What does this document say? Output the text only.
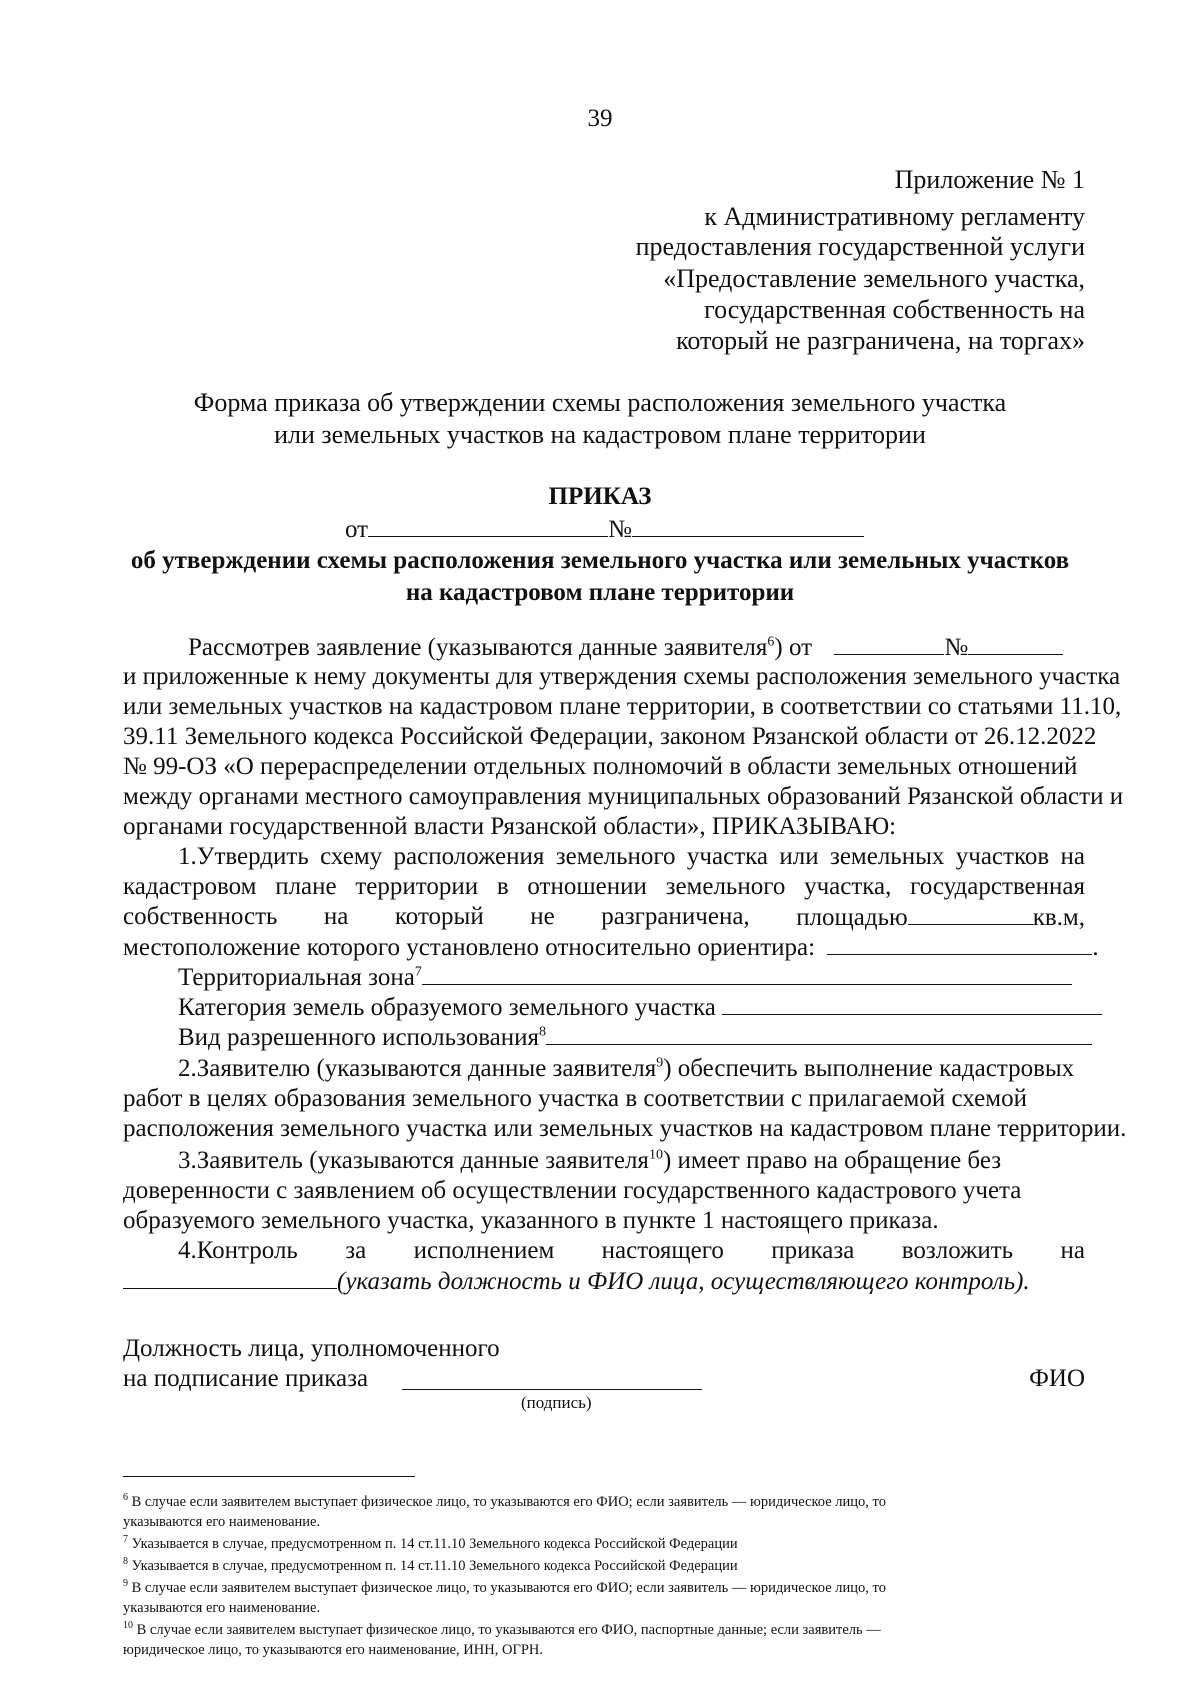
39
Приложение № 1
к Административному регламенту
предоставления государственной услуги
«Предоставление земельного участка,
государственная собственность на
который не разграничена, на торгах»
Форма приказа об утверждении схемы расположения земельного участка
или земельных участков на кадастровом плане территории
ПРИКАЗ
от	№
об утверждении схемы расположения земельного участка или земельных участков
на кадастровом плане территории
Рассмотрев заявление (указываются данные заявителя$^6$) от	№
и приложенные к нему документы для утверждения схемы расположения земельного участка
или земельных участков на кадастровом плане территории, в соответствии со статьями 11.10,
39.11 Земельного кодекса Российской Федерации, законом Рязанской области от 26.12.2022
№ 99-ОЗ «О перераспределении отдельных полномочий в области земельных отношений
между органами местного самоуправления муниципальных образований Рязанской области и
органами государственной власти Рязанской области», ПРИКАЗЫВАЮ:
1.Утвердить схему расположения земельного участка или земельных участков на
кадастровом плане территории в отношении земельного участка, государственная
собственность на который не разграничена, площадью	кв.м,
местоположение которого установлено относительно ориентира:	.
Территориальная зона$^7$
Категория земель образуемого земельного участка
Вид разрешенного использования$^8$
2.Заявителю (указываются данные заявителя$^9$) обеспечить выполнение кадастровых
работ в целях образования земельного участка в соответствии с прилагаемой схемой
расположения земельного участка или земельных участков на кадастровом плане территории.
3.Заявитель (указываются данные заявителя$^{10}$) имеет право на обращение без
доверенности с заявлением об осуществлении государственного кадастрового учета
образуемого земельного участка, указанного в пункте 1 настоящего приказа.
4.Контроль за исполнением настоящего приказа возложить на
(указать должность и ФИО лица, осуществляющего контроль).
Должность лица, уполномоченного
на подписание приказа	ФИО
(подпись)
$^6$ В случае если заявителем выступает физическое лицо, то указываются его ФИО; если заявитель — юридическое лицо, то
указываются его наименование.
$^7$ Указывается в случае, предусмотренном п. 14 ст.11.10 Земельного кодекса Российской Федерации
$^8$ Указывается в случае, предусмотренном п. 14 ст.11.10 Земельного кодекса Российской Федерации
$^9$ В случае если заявителем выступает физическое лицо, то указываются его ФИО; если заявитель — юридическое лицо, то
указываются его наименование.
$^{10}$ В случае если заявителем выступает физическое лицо, то указываются его ФИО, паспортные данные; если заявитель —
юридическое лицо, то указываются его наименование, ИНН, ОГРН.
